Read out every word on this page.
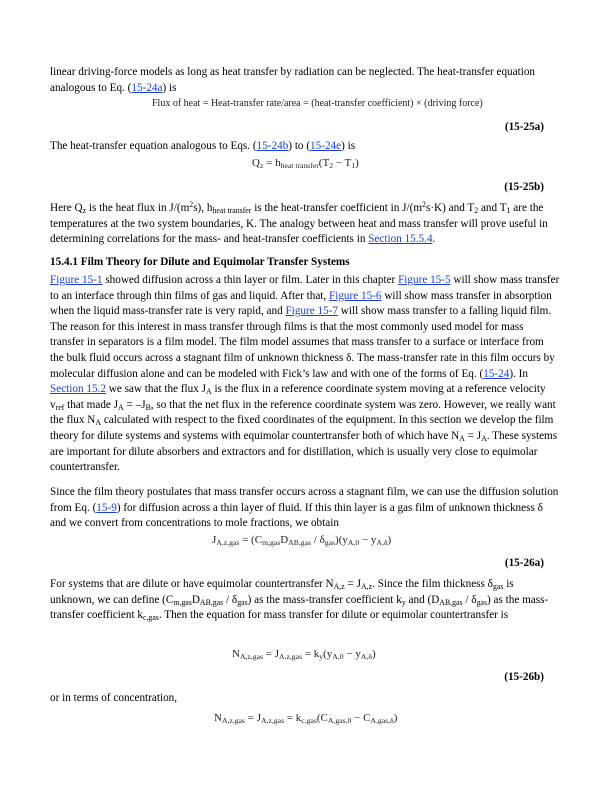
linear driving-force models as long as heat transfer by radiation can be neglected. The heat-transfer equation analogous to Eq. (15-24a) is

Flux of heat = Heat-transfer rate/area = (heat-transfer coefficient) × (driving force)
(15-25a)

The heat-transfer equation analogous to Eqs. (15-24b) to (15-24e) is

$Q_z = h_{heat transfer}(T_2 - T_1)$
(15-25b)

Here $Q_z$ is the heat flux in $J/(m^2s)$, $h_{heat transfer}$ is the heat-transfer coefficient in $J/(m^2s\cdot K)$ and $T_2$ and $T_1$ are the temperatures at the two system boundaries, K. The analogy between heat and mass transfer will prove useful in determining correlations for the mass- and heat-transfer coefficients in Section 15.5.4.

15.4.1 Film Theory for Dilute and Equimolar Transfer Systems

Figure 15-1 showed diffusion across a thin layer or film. Later in this chapter Figure 15-5 will show mass transfer to an interface through thin films of gas and liquid. After that, Figure 15-6 will show mass transfer in absorption when the liquid mass-transfer rate is very rapid, and Figure 15-7 will show mass transfer to a falling liquid film. The reason for this interest in mass transfer through films is that the most commonly used model for mass transfer in separators is a film model. The film model assumes that mass transfer to a surface or interface from the bulk fluid occurs across a stagnant film of unknown thickness δ. The mass-transfer rate in this film occurs by molecular diffusion alone and can be modeled with Fick’s law and with one of the forms of Eq. (15-24). In Section 15.2 we saw that the flux $J_A$ is the flux in a reference coordinate system moving at a reference velocity $v_{ref}$ that made $J_A = -J_B$, so that the net flux in the reference coordinate system was zero. However, we really want the flux $N_A$ calculated with respect to the fixed coordinates of the equipment. In this section we develop the film theory for dilute systems and systems with equimolar countertransfer both of which have $N_A = J_A$. These systems are important for dilute absorbers and extractors and for distillation, which is usually very close to equimolar countertransfer.

Since the film theory postulates that mass transfer occurs across a stagnant film, we can use the diffusion solution from Eq. (15-9) for diffusion across a thin layer of fluid. If this thin layer is a gas film of unknown thickness δ and we convert from concentrations to mole fractions, we obtain

$J_{A,z,gas} = (C_{m,gas}D_{AB,gas} / \delta_{gas})(y_{A,0} - y_{A,\delta})$
(15-26a)

For systems that are dilute or have equimolar countertransfer $N_{A,z} = J_{A,z}$. Since the film thickness $\delta_{gas}$ is unknown, we can define $(C_{m,gas}D_{AB,gas} / \delta_{gas})$ as the mass-transfer coefficient $k_y$ and $(D_{AB,gas} / \delta_{gas})$ as the mass-transfer coefficient $k_{c,gas}$. Then the equation for mass transfer for dilute or equimolar countertransfer is

$N_{A,z,gas} = J_{A,z,gas} = k_y(y_{A,0} - y_{A,\delta})$
(15-26b)

or in terms of concentration,

$N_{A,z,gas} = J_{A,z,gas} = k_{c,gas}(C_{A,gas,0} - C_{A,gas,\delta})$
